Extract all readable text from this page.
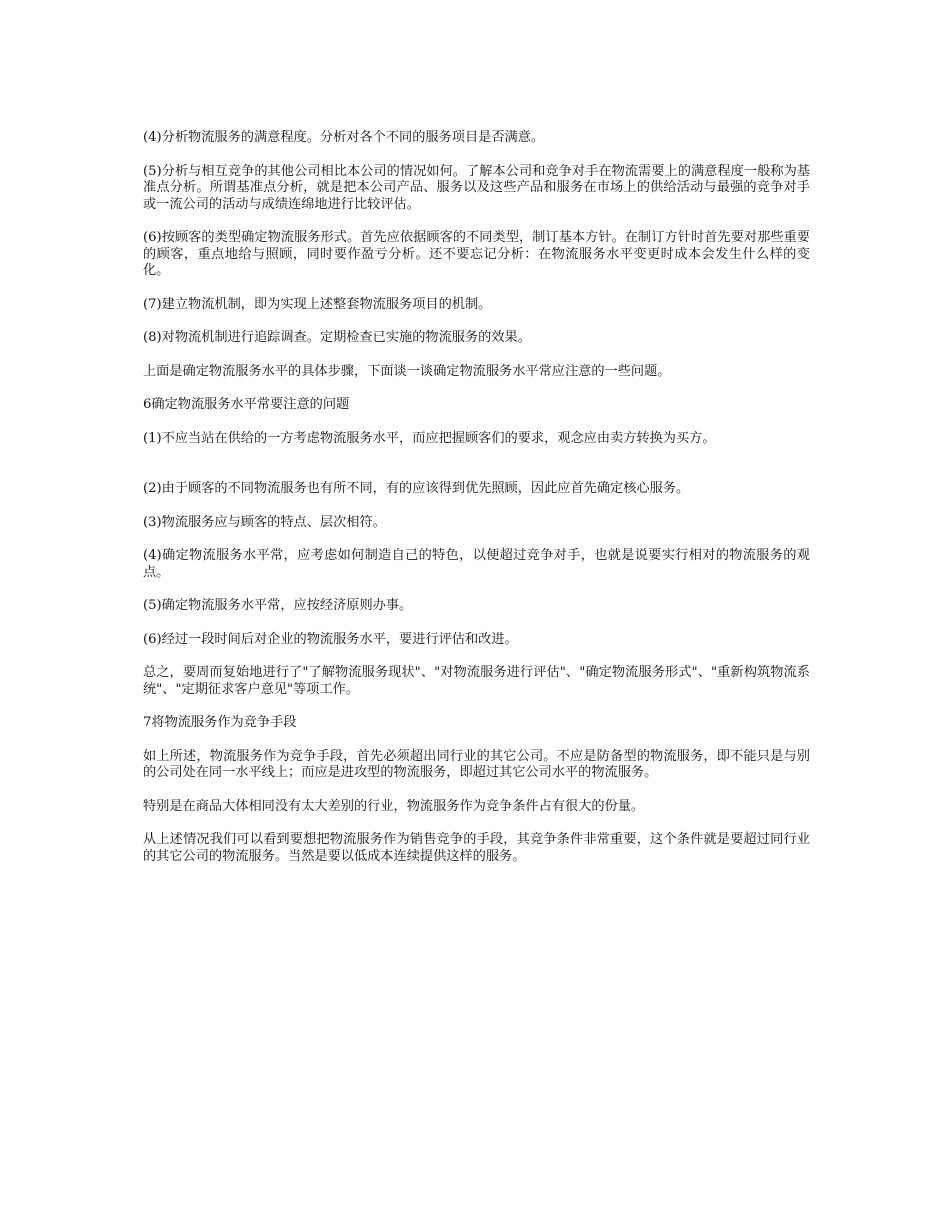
(4)分析物流服务的满意程度。分析对各个不同的服务项目是否满意。

(5)分析与相互竞争的其他公司相比本公司的情况如何。了解本公司和竞争对手在物流需要上的满意程度一般称为基准点分析。所谓基准点分析，就是把本公司产品、服务以及这些产品和服务在市场上的供给活动与最强的竞争对手或一流公司的活动与成绩连绵地进行比较评估。

(6)按顾客的类型确定物流服务形式。首先应依据顾客的不同类型，制订基本方针。在制订方针时首先要对那些重要的顾客，重点地给与照顾，同时要作盈亏分析。还不要忘记分析：在物流服务水平变更时成本会发生什么样的变化。

(7)建立物流机制，即为实现上述整套物流服务项目的机制。

(8)对物流机制进行追踪调查。定期检查已实施的物流服务的效果。

上面是确定物流服务水平的具体步骤，下面谈一谈确定物流服务水平常应注意的一些问题。

6确定物流服务水平常要注意的问题

(1)不应当站在供给的一方考虑物流服务水平，而应把握顾客们的要求，观念应由卖方转换为买方。

(2)由于顾客的不同物流服务也有所不同，有的应该得到优先照顾，因此应首先确定核心服务。

(3)物流服务应与顾客的特点、层次相符。

(4)确定物流服务水平常，应考虑如何制造自己的特色，以便超过竞争对手，也就是说要实行相对的物流服务的观点。

(5)确定物流服务水平常，应按经济原则办事。

(6)经过一段时间后对企业的物流服务水平，要进行评估和改进。

总之，要周而复始地进行了"了解物流服务现状"、"对物流服务进行评估"、"确定物流服务形式"、"重新构筑物流系统"、"定期征求客户意见"等项工作。

7将物流服务作为竞争手段

如上所述，物流服务作为竞争手段，首先必须超出同行业的其它公司。不应是防备型的物流服务，即不能只是与别的公司处在同一水平线上；而应是进攻型的物流服务，即超过其它公司水平的物流服务。

特别是在商品大体相同没有太大差别的行业，物流服务作为竞争条件占有很大的份量。

从上述情况我们可以看到要想把物流服务作为销售竞争的手段，其竞争条件非常重要，这个条件就是要超过同行业的其它公司的物流服务。当然是要以低成本连续提供这样的服务。
